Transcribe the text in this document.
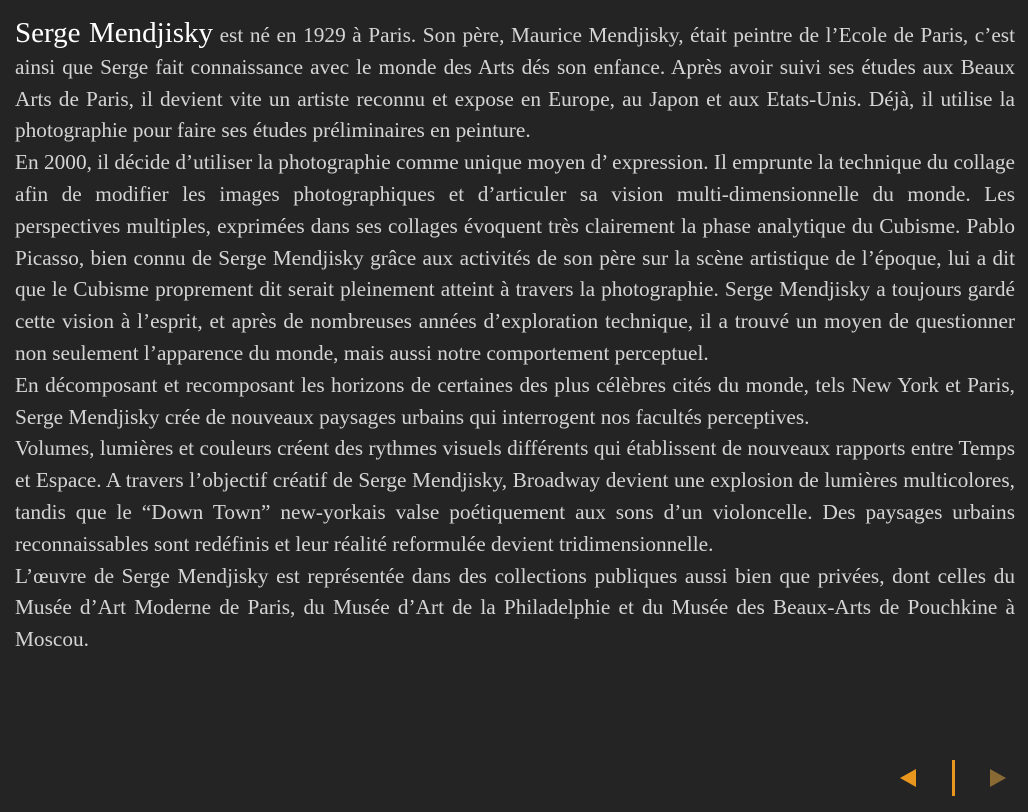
Serge Mendjisky est né en 1929 à Paris. Son père, Maurice Mendjisky, était peintre de l’Ecole de Paris, c’est ainsi que Serge fait connaissance avec le monde des Arts dés son enfance. Après avoir suivi ses études aux Beaux Arts de Paris, il devient vite un artiste reconnu et expose en Europe, au Japon et aux Etats-Unis. Déjà, il utilise la photographie pour faire ses études préliminaires en peinture.

En 2000, il décide d’utiliser la photographie comme unique moyen d’ expression. Il emprunte la technique du collage afin de modifier les images photographiques et d’articuler sa vision multi-dimensionnelle du monde. Les perspectives multiples, exprimées dans ses collages évoquent très clairement la phase analytique du Cubisme. Pablo Picasso, bien connu de Serge Mendjisky grâce aux activités de son père sur la scène artistique de l’époque, lui a dit que le Cubisme proprement dit serait pleinement atteint à travers la photographie. Serge Mendjisky a toujours gardé cette vision à l’esprit, et après de nombreuses années d’exploration technique, il a trouvé un moyen de questionner non seulement l’apparence du monde, mais aussi notre comportement perceptuel.

En décomposant et recomposant les horizons de certaines des plus célèbres cités du monde, tels New York et Paris, Serge Mendjisky crée de nouveaux paysages urbains qui interrogent nos facultés perceptives.

Volumes, lumières et couleurs créent des rythmes visuels différents qui établissent de nouveaux rapports entre Temps et Espace. A travers l’objectif créatif de Serge Mendjisky, Broadway devient une explosion de lumières multicolores, tandis que le “Down Town” new-yorkais valse poétiquement aux sons d’un violoncelle. Des paysages urbains reconnaissables sont redéfinis et leur réalité reformulée devient tridimensionnelle.

L’œuvre de Serge Mendjisky est représentée dans des collections publiques aussi bien que privées, dont celles du Musée d’Art Moderne de Paris, du Musée d’Art de la Philadelphie et du Musée des Beaux-Arts de Pouchkine à Moscou.
